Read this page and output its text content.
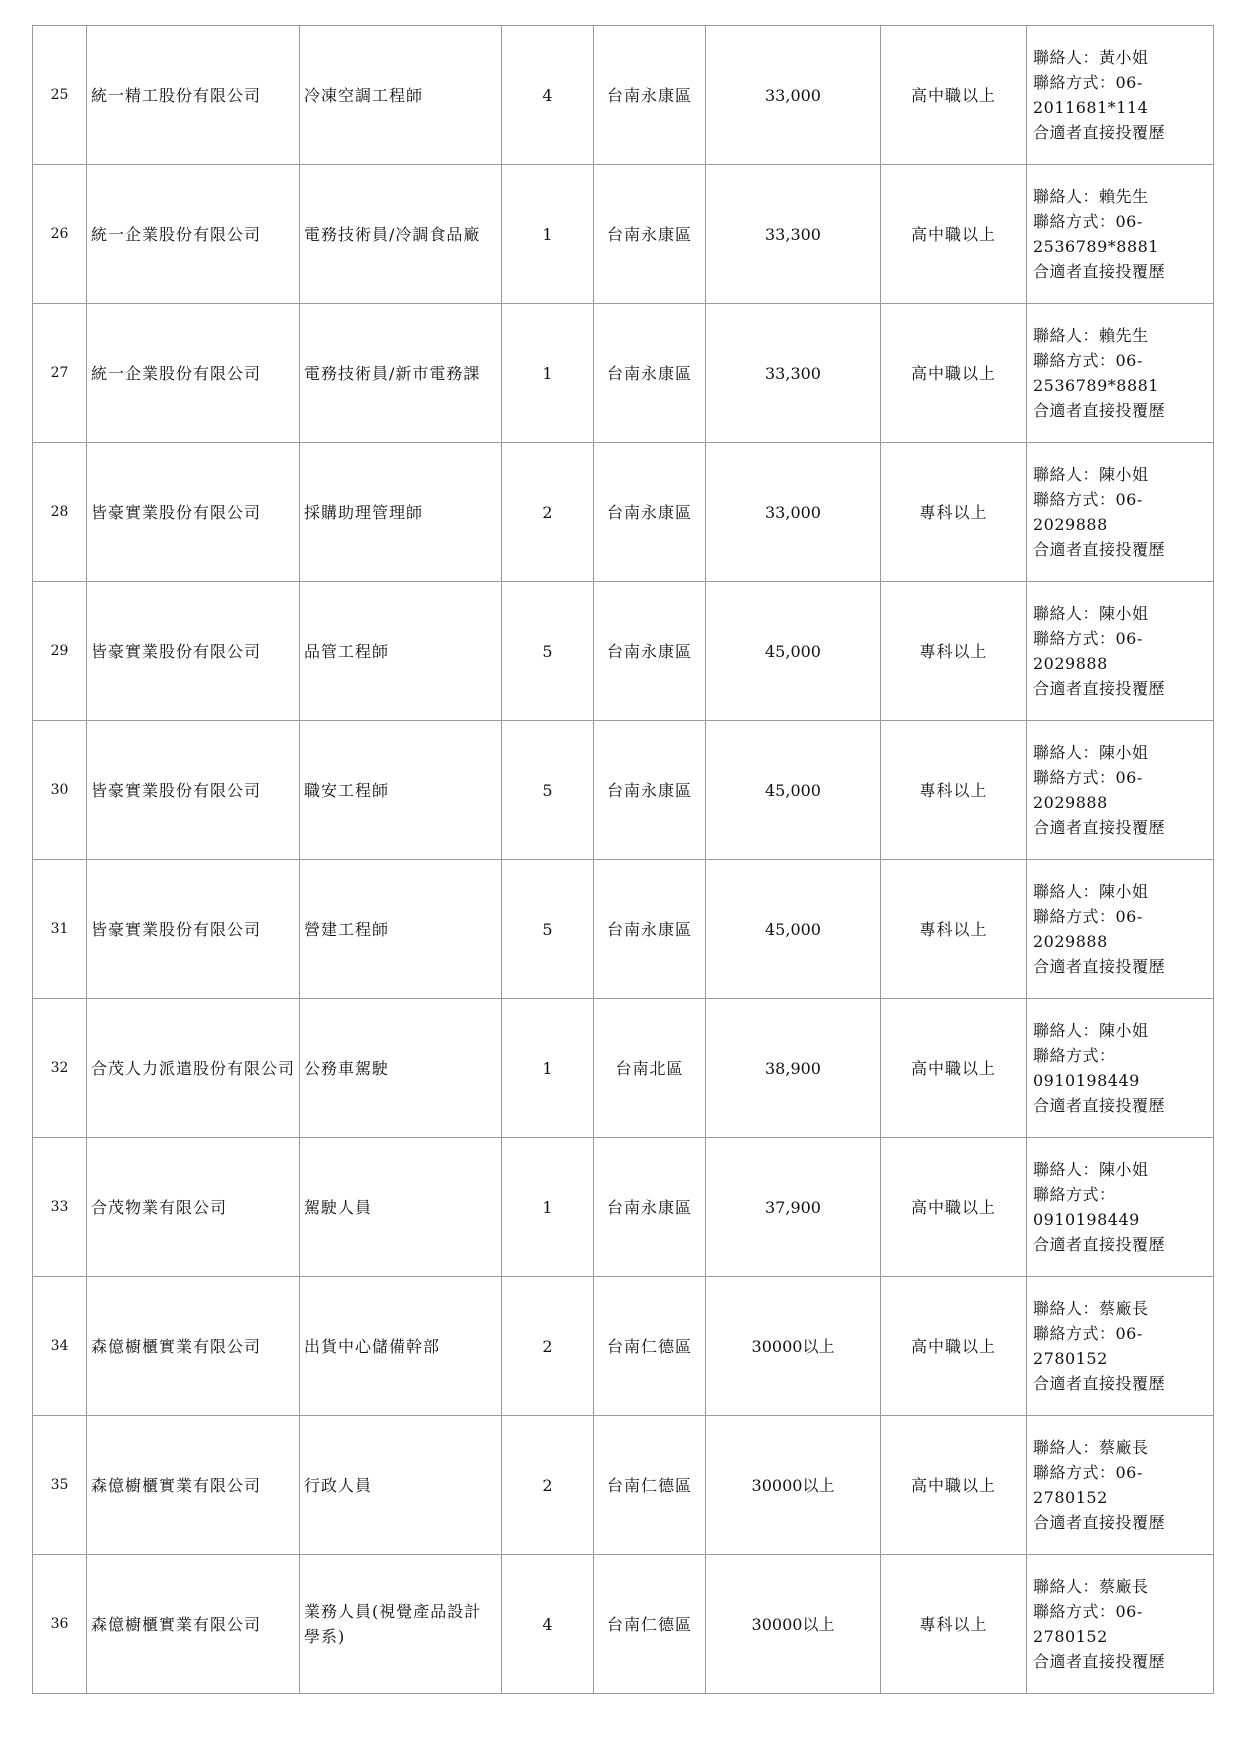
25	統一精工股份有限公司	冷凍空調工程師	4	台南永康區	33,000	高中職以上	聯絡人：黃小姐
聯絡方式：06-
2011681*114
合適者直接投覆歷

26	統一企業股份有限公司	電務技術員/冷調食品廠	1	台南永康區	33,300	高中職以上	聯絡人：賴先生
聯絡方式：06-
2536789*8881
合適者直接投覆歷

27	統一企業股份有限公司	電務技術員/新市電務課	1	台南永康區	33,300	高中職以上	聯絡人：賴先生
聯絡方式：06-
2536789*8881
合適者直接投覆歷

28	皆豪實業股份有限公司	採購助理管理師	2	台南永康區	33,000	專科以上	聯絡人：陳小姐
聯絡方式：06-
2029888
合適者直接投覆歷

29	皆豪實業股份有限公司	品管工程師	5	台南永康區	45,000	專科以上	聯絡人：陳小姐
聯絡方式：06-
2029888
合適者直接投覆歷

30	皆豪實業股份有限公司	職安工程師	5	台南永康區	45,000	專科以上	聯絡人：陳小姐
聯絡方式：06-
2029888
合適者直接投覆歷

31	皆豪實業股份有限公司	營建工程師	5	台南永康區	45,000	專科以上	聯絡人：陳小姐
聯絡方式：06-
2029888
合適者直接投覆歷

32	合茂人力派遣股份有限公司	公務車駕駛	1	台南北區	38,900	高中職以上	聯絡人：陳小姐
聯絡方式：
0910198449
合適者直接投覆歷

33	合茂物業有限公司	駕駛人員	1	台南永康區	37,900	高中職以上	聯絡人：陳小姐
聯絡方式：
0910198449
合適者直接投覆歷

34	森億櫥櫃實業有限公司	出貨中心儲備幹部	2	台南仁德區	30000以上	高中職以上	聯絡人：蔡廠長
聯絡方式：06-
2780152
合適者直接投覆歷

35	森億櫥櫃實業有限公司	行政人員	2	台南仁德區	30000以上	高中職以上	聯絡人：蔡廠長
聯絡方式：06-
2780152
合適者直接投覆歷

36	森億櫥櫃實業有限公司	業務人員(視覺產品設計學系)	4	台南仁德區	30000以上	專科以上	聯絡人：蔡廠長
聯絡方式：06-
2780152
合適者直接投覆歷
